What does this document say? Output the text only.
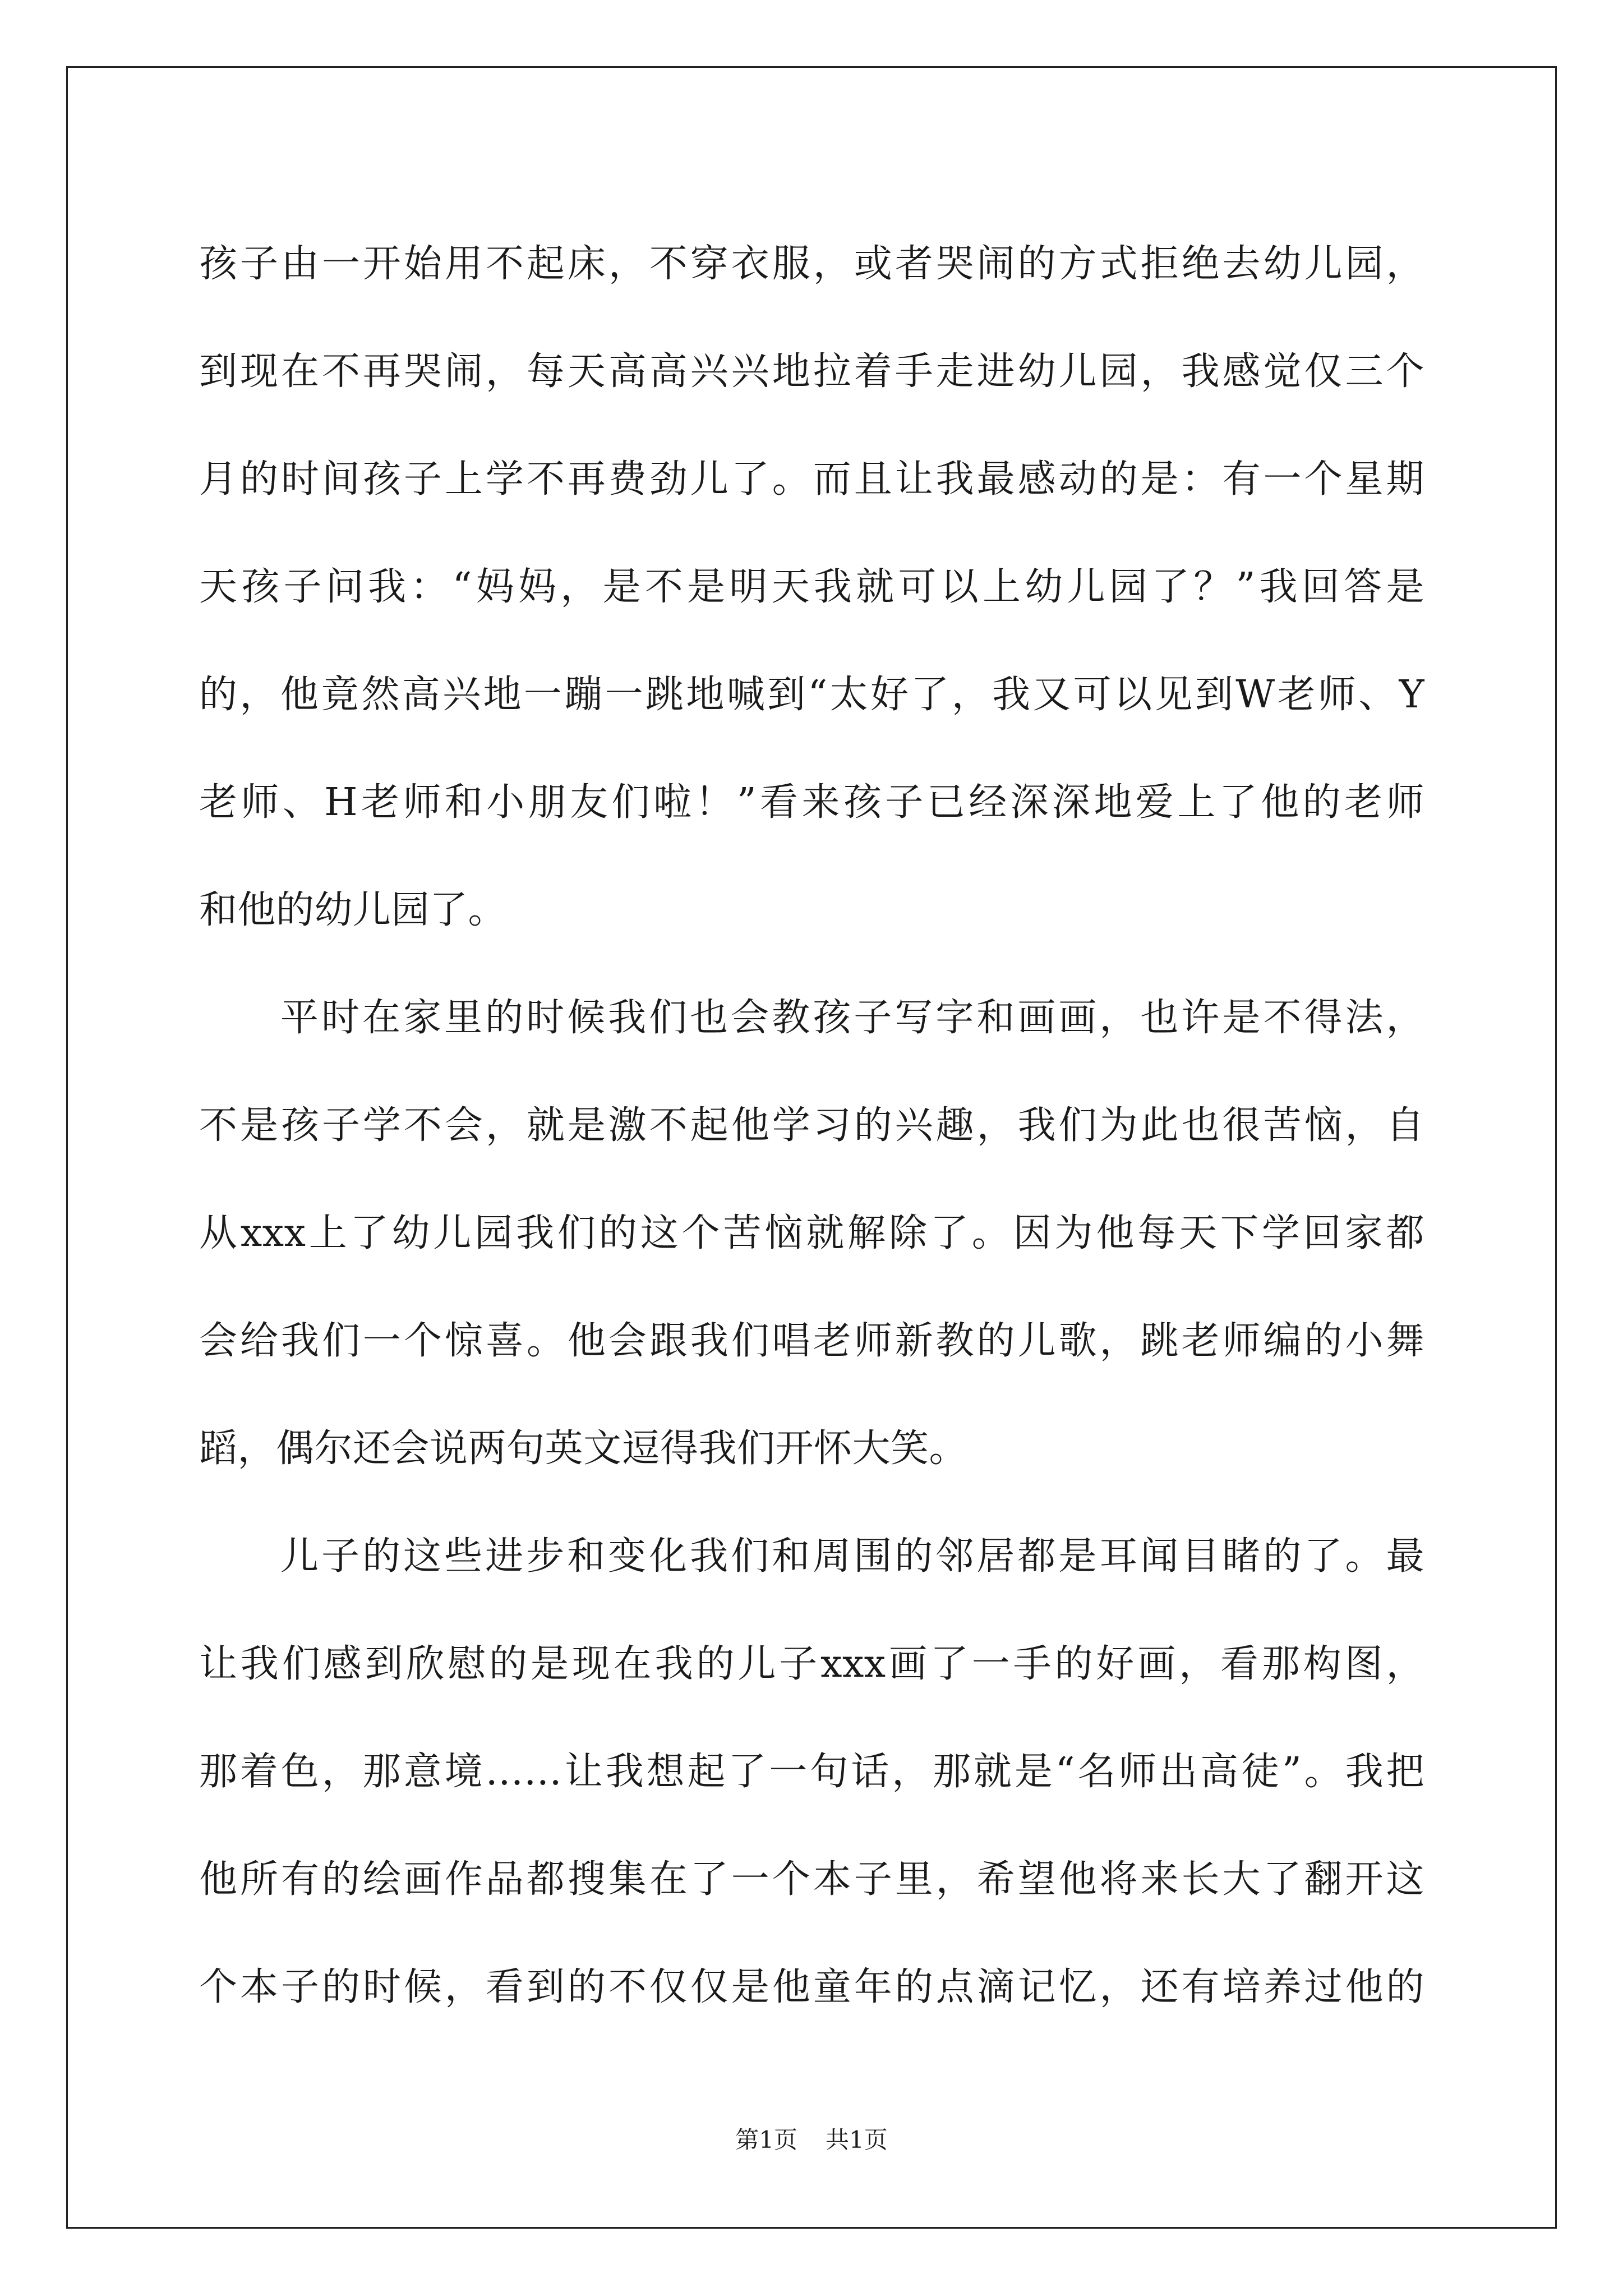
孩子由一开始用不起床，不穿衣服，或者哭闹的方式拒绝去幼儿园，
到现在不再哭闹，每天高高兴兴地拉着手走进幼儿园，我感觉仅三个
月的时间孩子上学不再费劲儿了。而且让我最感动的是：有一个星期
天孩子问我：“妈妈，是不是明天我就可以上幼儿园了？”我回答是
的，他竟然高兴地一蹦一跳地喊到“太好了，我又可以见到W老师、Y
老师、H老师和小朋友们啦！”看来孩子已经深深地爱上了他的老师
和他的幼儿园了。
平时在家里的时候我们也会教孩子写字和画画，也许是不得法，
不是孩子学不会，就是激不起他学习的兴趣，我们为此也很苦恼，自
从xxx上了幼儿园我们的这个苦恼就解除了。因为他每天下学回家都
会给我们一个惊喜。他会跟我们唱老师新教的儿歌，跳老师编的小舞
蹈，偶尔还会说两句英文逗得我们开怀大笑。
儿子的这些进步和变化我们和周围的邻居都是耳闻目睹的了。最
让我们感到欣慰的是现在我的儿子xxx画了一手的好画，看那构图，
那着色，那意境……让我想起了一句话，那就是“名师出高徒”。我把
他所有的绘画作品都搜集在了一个本子里，希望他将来长大了翻开这
个本子的时候，看到的不仅仅是他童年的点滴记忆，还有培养过他的
第1页 共1页
